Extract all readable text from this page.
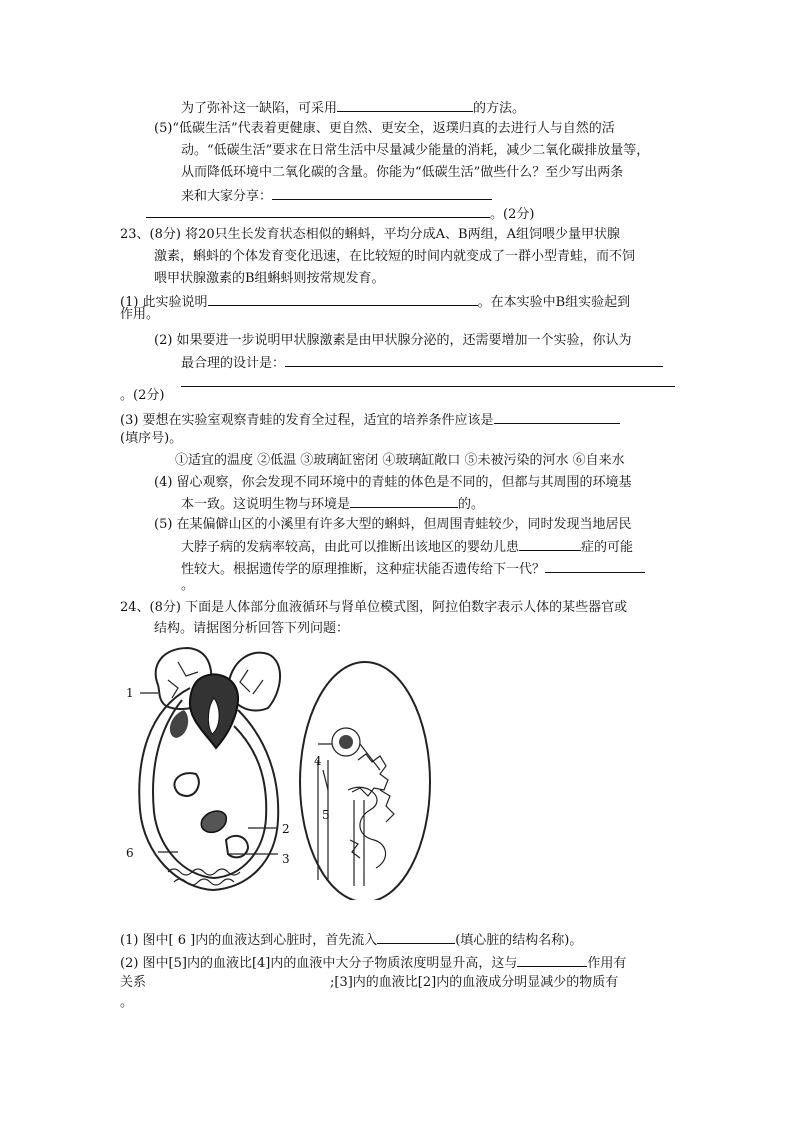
为了弥补这一缺陷，可采用	的方法。
(5)“低碳生活”代表着更健康、更自然、更安全，返璞归真的去进行人与自然的活
动。“低碳生活”要求在日常生活中尽量减少能量的消耗，减少二氧化碳排放量等，
从而降低环境中二氧化碳的含量。你能为“低碳生活”做些什么？至少写出两条
来和大家分享：
。(2分)
23、(8分) 将20只生长发育状态相似的蝌蚪，平均分成A、B两组，A组饲喂少量甲状腺
激素，蝌蚪的个体发育变化迅速，在比较短的时间内就变成了一群小型青蛙，而不饲
喂甲状腺激素的B组蝌蚪则按常规发育。
(1) 此实验说明	。在本实验中B组实验起到
作用。
(2) 如果要进一步说明甲状腺激素是由甲状腺分泌的，还需要增加一个实验，你认为
最合理的设计是：
。(2分)
(3) 要想在实验室观察青蛙的发育全过程，适宜的培养条件应该是
(填序号)。
①适宜的温度 ②低温 ③玻璃缸密闭 ④玻璃缸敞口 ⑤未被污染的河水 ⑥自来水
(4) 留心观察，你会发现不同环境中的青蛙的体色是不同的，但都与其周围的环境基
本一致。这说明生物与环境是	的。
(5) 在某偏僻山区的小溪里有许多大型的蝌蚪，但周围青蛙较少，同时发现当地居民
大脖子病的发病率较高，由此可以推断出该地区的婴幼儿患	症的可能
性较大。根据遗传学的原理推断，这种症状能否遗传给下一代？
。
24、(8分) 下面是人体部分血液循环与肾单位模式图，阿拉伯数字表示人体的某些器官或
结构。请据图分析回答下列问题：
1
2
3
4
5
6
(1) 图中[ 6 ]内的血液达到心脏时，首先流入	(填心脏的结构名称)。
(2) 图中[5]内的血液比[4]内的血液中大分子物质浓度明显升高，这与	作用有
关系	;[3]内的血液比[2]内的血液成分明显减少的物质有
。
